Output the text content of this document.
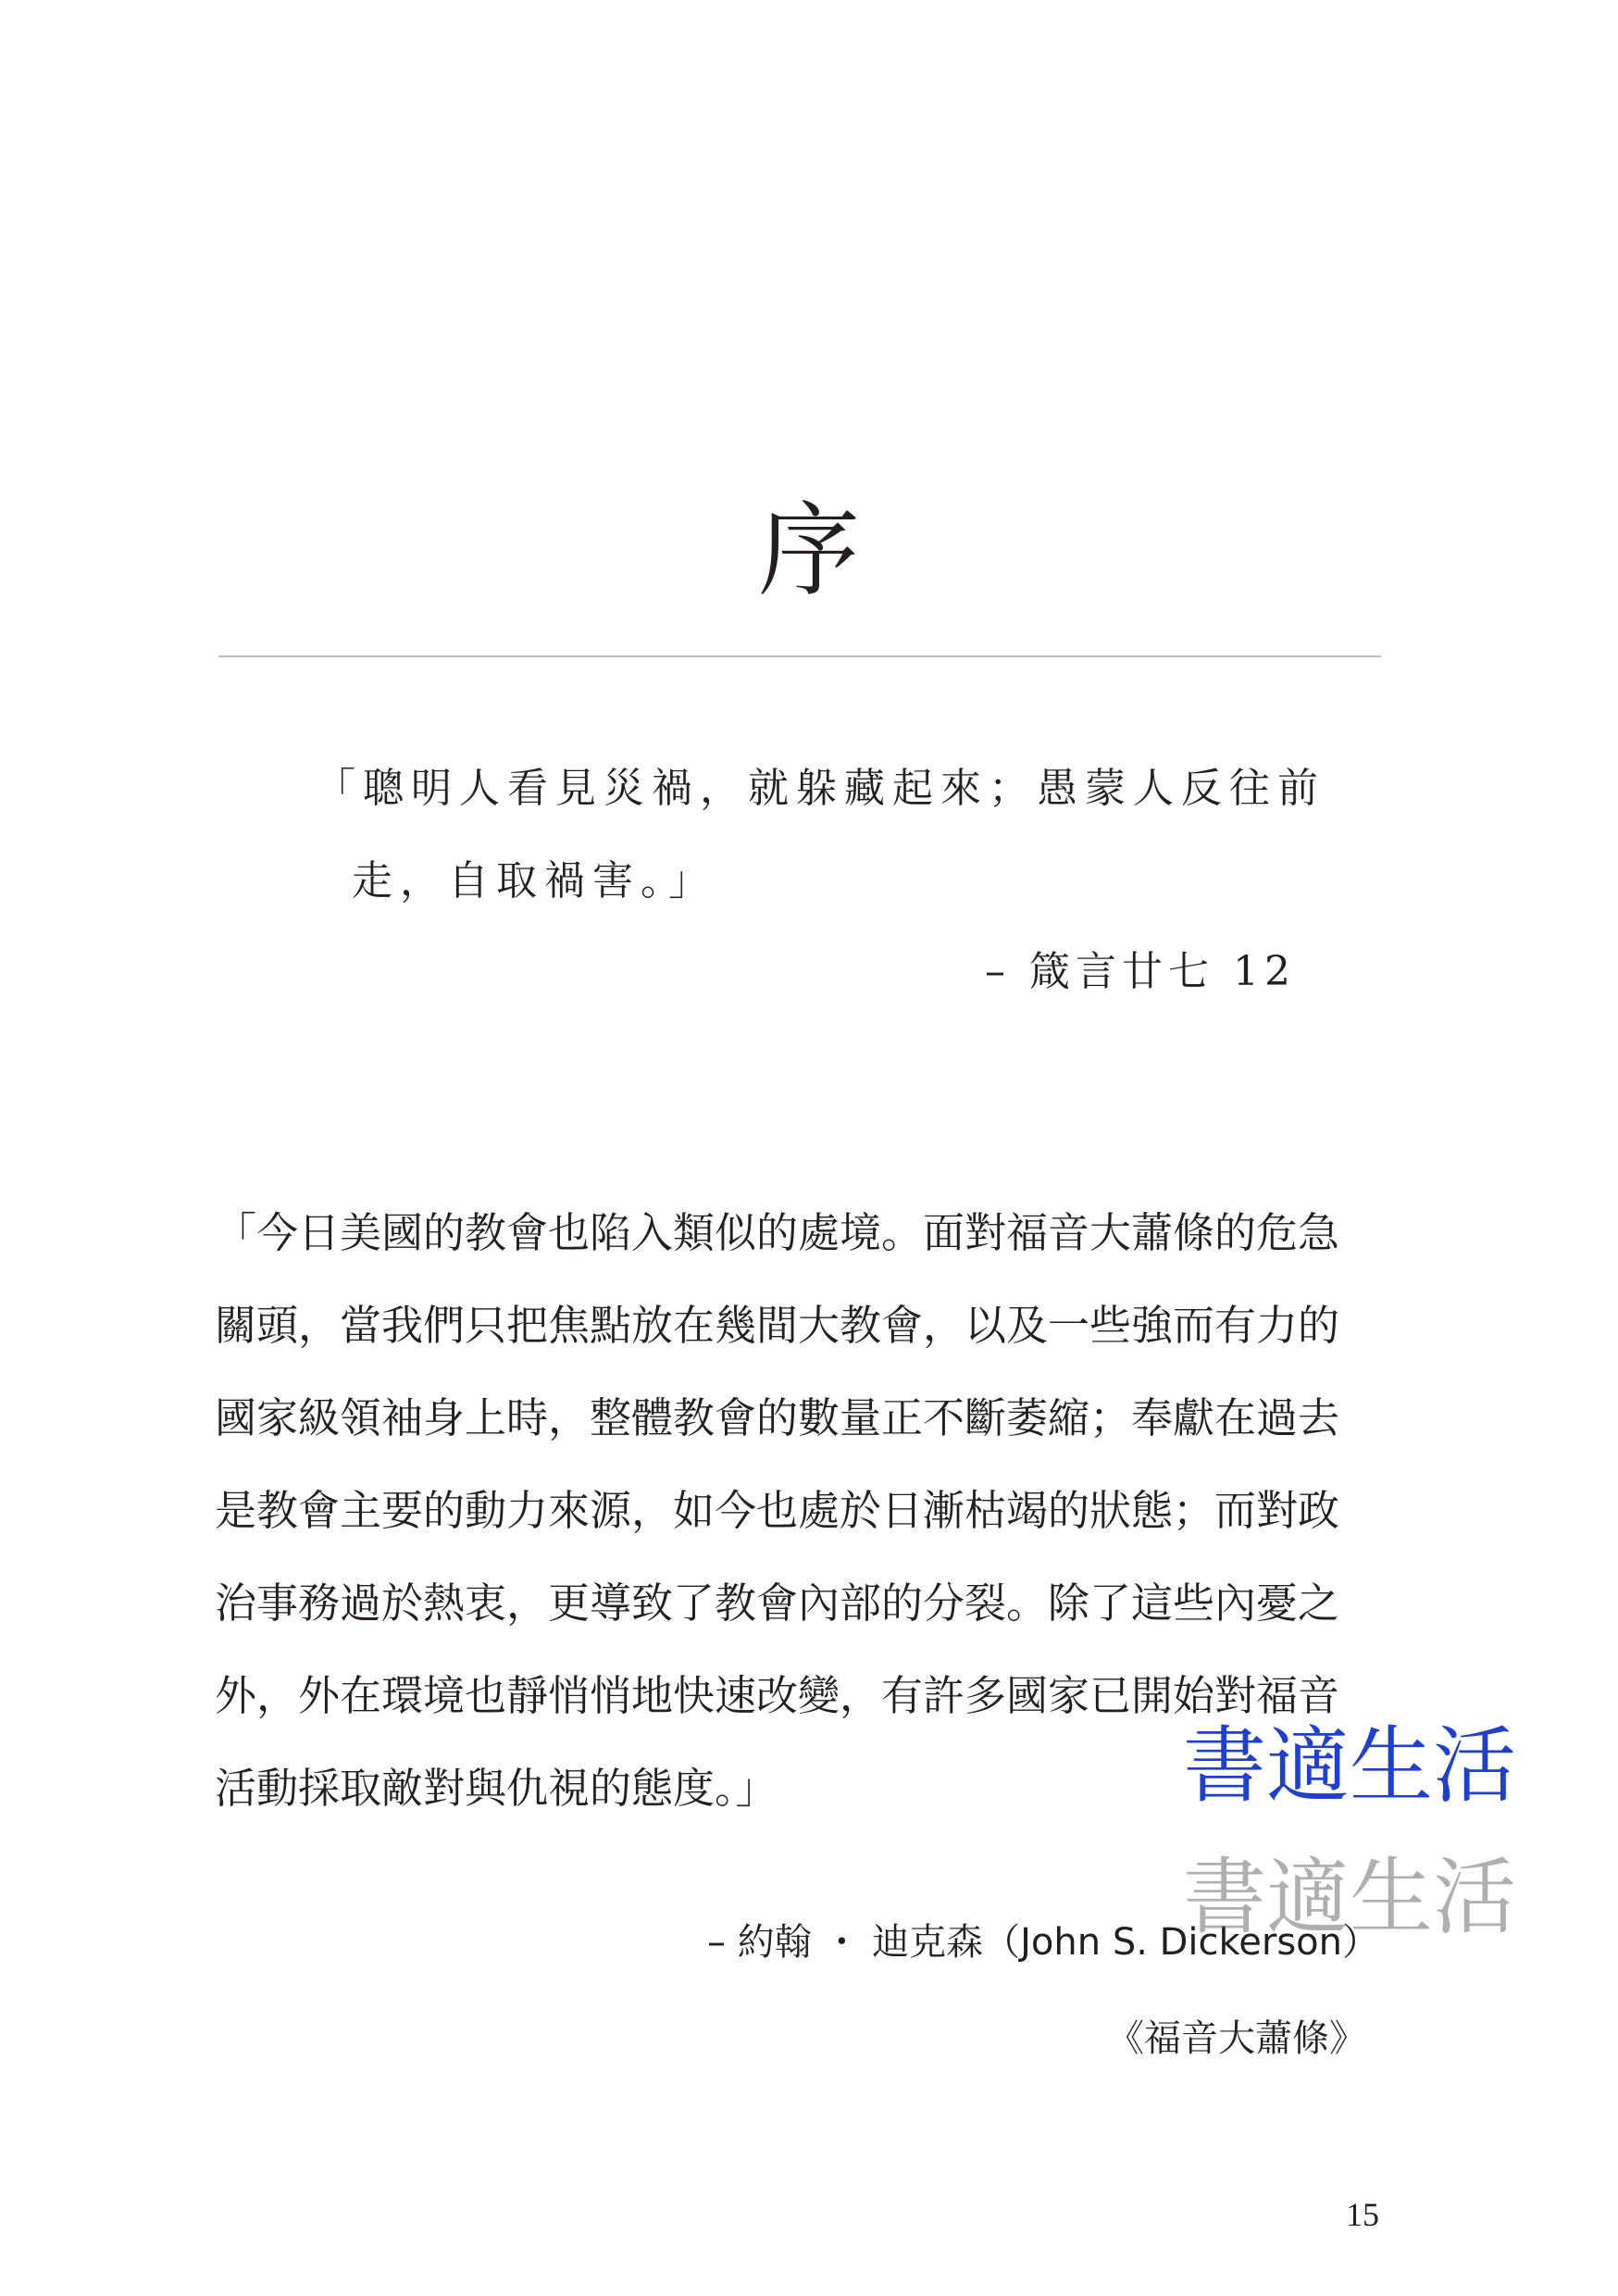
序
「聰明人看見災禍，就躲藏起來；愚蒙人反往前
走，自取禍害。」
– 箴言廿七 12
「今日美國的教會也陷入類似的處境。面對福音大蕭條的危急
關頭，當我們只把焦點放在幾間大教會，以及一些強而有力的
國家級領袖身上時，整體教會的數量正不斷萎縮；奉獻在過去
是教會主要的動力來源，如今也處於日漸枯竭的狀態；而對政
治事務過於熱衷，更導致了教會內部的分裂。除了這些內憂之
外，外在環境也靜悄悄地快速改變，有許多國家已開始對福音
活動採取敵對與仇視的態度。」	書適生活
– 約翰 ・ 迪克森（John S. Dickerson）
書適生活
《福音大蕭條》
15
